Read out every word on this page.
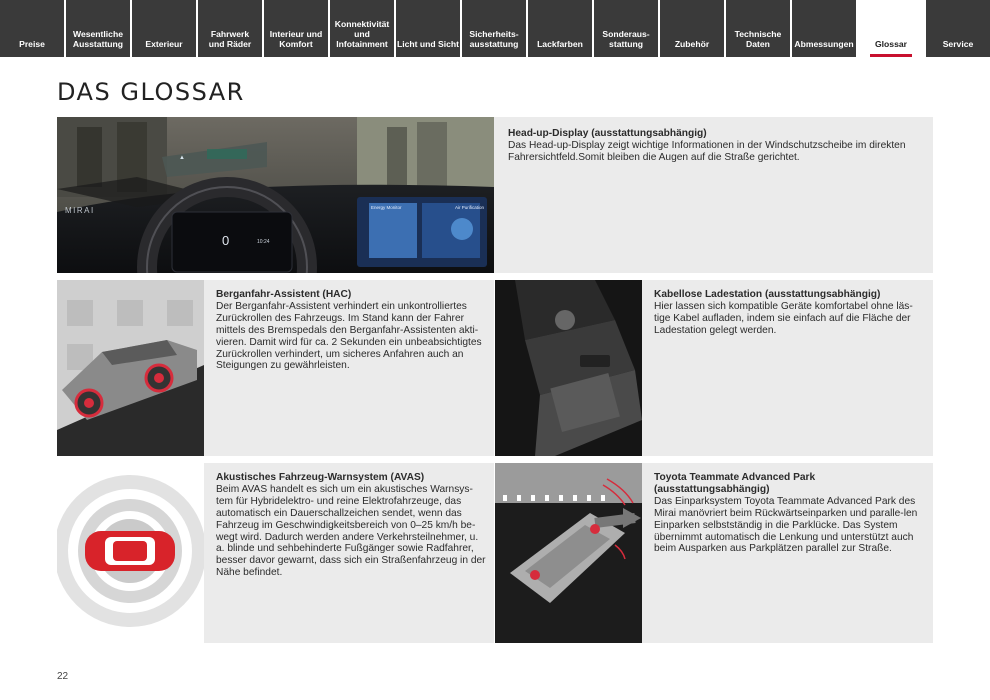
Preise
Wesentliche
Ausstattung	Exterieur
Fahrwerk
und Räder
Interieur und
Komfort
Konnektivität
und
Infotainment Licht und Sicht
Sicherheits-
ausstattung Lackfarben
Sonderaus-
stattung	Zubehör
Technische
Daten	Abmessungen Glossar	Service
DAS GLOSSAR
▲
0	10:24
Energy Monitor	Air Purification
MIRAI
Head-up-Display (ausstattungsabhängig)
Das Head-up-Display zeigt wichtige Informationen in der Windschutzscheibe im direkten Fahrersichtfeld.Somit bleiben die Augen auf die Straße gerichtet.
Berganfahr-Assistent (HAC)
Der Berganfahr-Assistent verhindert ein unkontrolliertes Zurückrollen des Fahrzeugs. Im Stand kann der Fahrer mittels des Bremspedals den Berganfahr-Assistenten akti-vieren. Damit wird für ca. 2 Sekunden ein unbeabsichtigtes Zurückrollen verhindert, um sicheres Anfahren auch an Steigungen zu gewährleisten.
Kabellose Ladestation (ausstattungsabhängig)
Hier lassen sich kompatible Geräte komfortabel ohne läs-tige Kabel aufladen, indem sie einfach auf die Fläche der Ladestation gelegt werden.
Akustisches Fahrzeug-Warnsystem (AVAS)
Beim AVAS handelt es sich um ein akustisches Warnsys-tem für Hybridelektro- und reine Elektrofahrzeuge, das automatisch ein Dauerschallzeichen sendet, wenn das Fahrzeug im Geschwindigkeitsbereich von 0–25 km/h be-wegt wird. Dadurch werden andere Verkehrsteilnehmer, u. a. blinde und sehbehinderte Fußgänger sowie Radfahrer, besser davor gewarnt, dass sich ein Straßenfahrzeug in der Nähe befindet.
Toyota Teammate Advanced Park (ausstattungsabhängig)
Das Einparksystem Toyota Teammate Advanced Park des Mirai manövriert beim Rückwärtseinparken und paralle-len Einparken selbstständig in die Parklücke. Das System übernimmt automatisch die Lenkung und unterstützt auch beim Ausparken aus Parkplätzen parallel zur Straße.
22
